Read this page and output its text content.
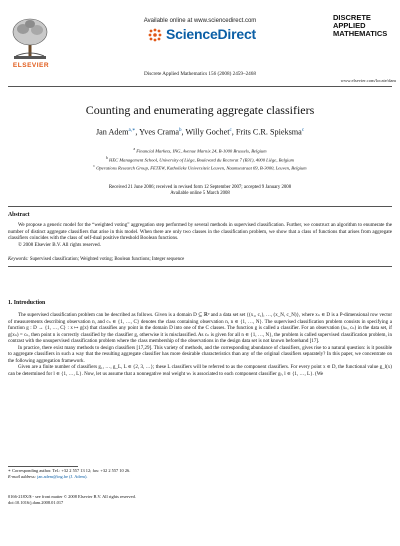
ELSEVIER
Available online at www.sciencedirect.com
ScienceDirect
Discrete Applied Mathematics 156 (2008) 2459–2468
DISCRETE
APPLIED
MATHEMATICS
www.elsevier.com/locate/dam
Counting and enumerating aggregate classifiers
Jan Adem$^{a,∗}$, Yves Crama$^b$, Willy Gochet$^c$, Frits C.R. Spieksma$^c$
$^a$ Financial Markets, ING, Avenue Marnix 24, B-1000 Brussels, Belgium
$^b$ HEC Management School, University of Liège, Boulevard du Rectorat 7 (B31), 4000 Liège, Belgium
$^c$ Operations Research Group, FETEW, Katholieke Universiteit Leuven, Naamsestraat 69, B-3000, Leuven, Belgium
Received 21 June 2006; received in revised form 12 September 2007; accepted 9 January 2008
Available online 5 March 2008
Abstract

We propose a generic model for the “weighted voting” aggregation step performed by several methods in supervised classification. Further, we construct an algorithm to enumerate the number of distinct aggregate classifiers that arise in this model. When there are only two classes in the classification problem, we show that a class of functions that arises from aggregate classifiers coincides with the class of self-dual positive threshold Boolean functions.

© 2008 Elsevier B.V. All rights reserved.

Keywords: Supervised classification; Weighted voting; Boolean functions; Integer sequence
1. Introduction

The supervised classification problem can be described as follows. Given is a domain D ⊆ ℝᵖ and a data set set {(x₁, c₁), …, (x_N, c_N)}, where xₙ ∈ D is a P-dimensional row vector of measurements describing observation n, and cₙ ∈ {1, …, C} denotes the class containing observation n, n ∈ {1, …, N}. The supervised classification problem consists in specifying a function g : D → {1, …, C} : x ↦ g(x) that classifies any point in the domain D into one of the C classes. The function g is called a classifier. For an observation (xₙ, cₙ) in the data set, if g(xₙ) = cₙ, then point n is correctly classified by the classifier g, otherwise it is misclassified. As cₙ is given for all n ∈ {1, …, N}, the problem is called supervised classification problem, in contrast with the unsupervised classification problem where the class membership of the observations in the design data set is not known beforehand [17].

In practice, there exist many methods to design classifiers [17,29]. This variety of methods, and the corresponding abundance of classifiers, gives rise to a natural question: is it possible to aggregate classifiers in such a way that the resulting aggregate classifier has more desirable characteristics than any of the original classifiers separately? In this paper, we concentrate on the following aggregation framework.

Given are a finite number of classifiers g₁, …, g_L, L ∈ {2, 3, …}; these L classifiers will be referred to as the component classifiers. For every point x ∈ D, the functional value g_l(x) can be determined for l ∈ {1, …, L}. Now, let us assume that a nonnegative real weight wₗ is associated to each component classifier gₗ, l ∈ {1, …, L}. (We

∗ Corresponding author. Tel.: +32 2 557 13 12; fax: +32 2 557 10 26.
E-mail address: jan.adem@ing.be (J. Adem).
0166-218X/$ - see front matter © 2008 Elsevier B.V. All rights reserved.
doi:10.1016/j.dam.2008.01.017
